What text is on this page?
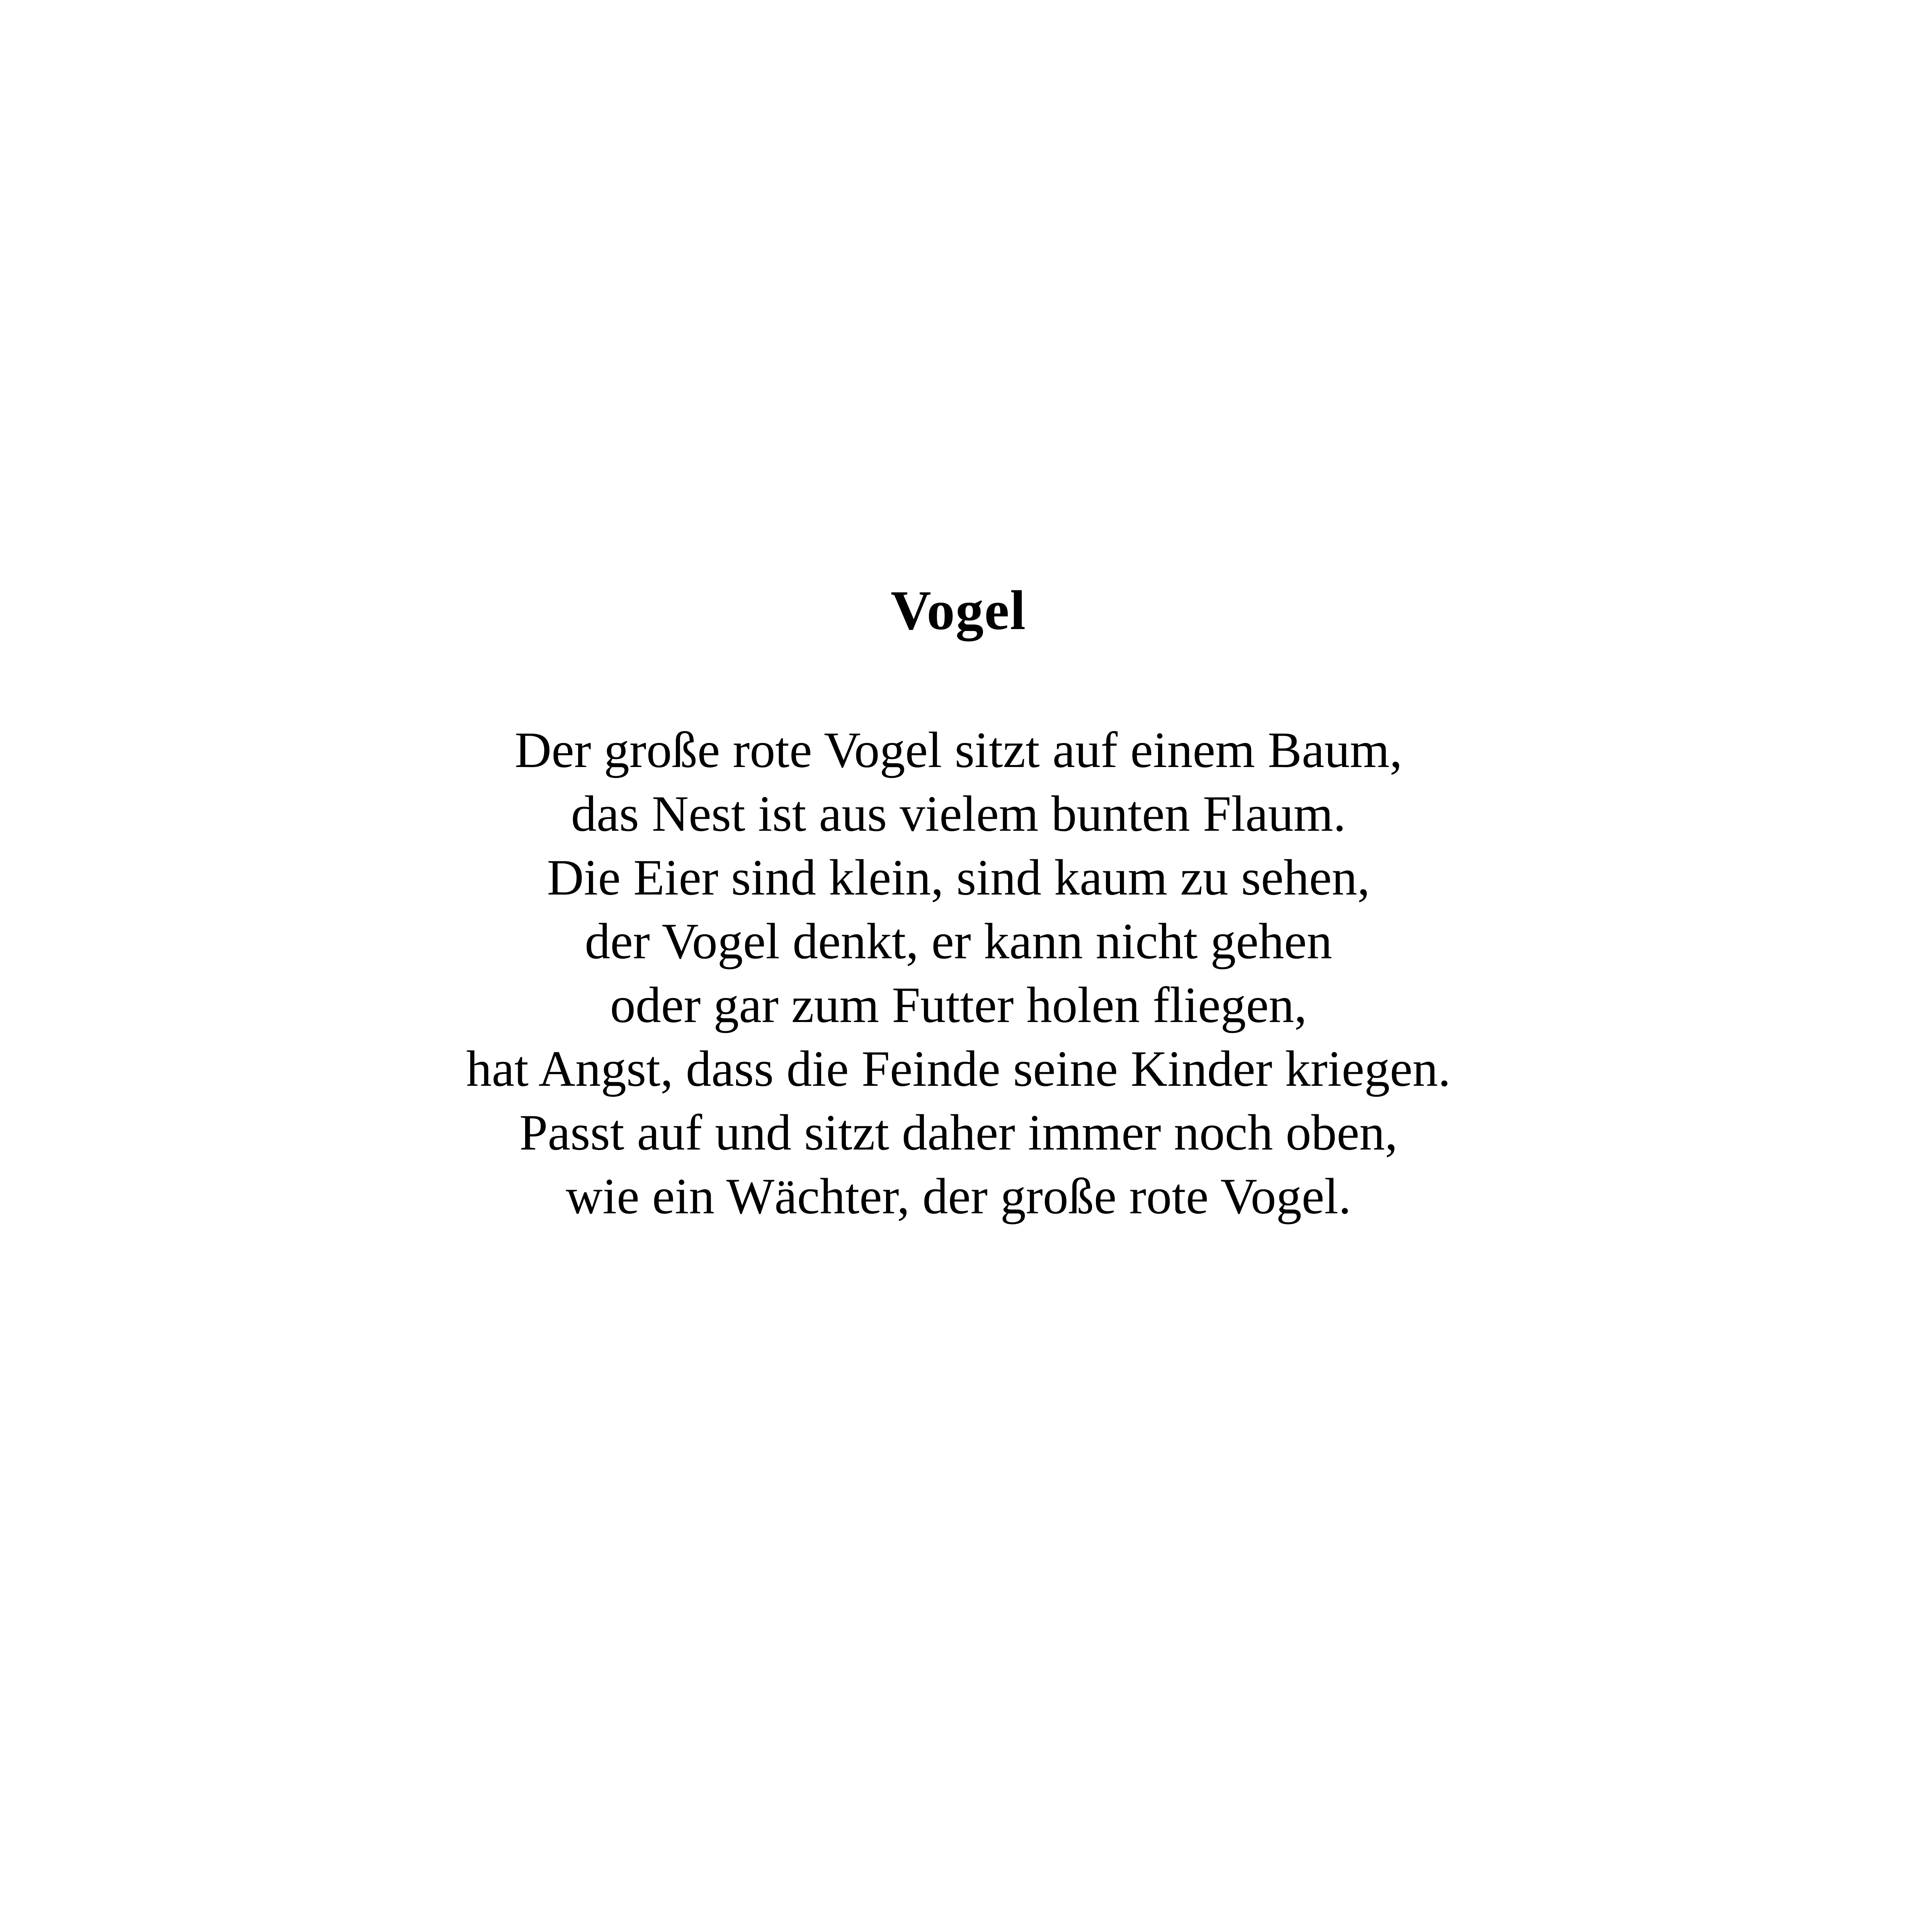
Vogel
Der große rote Vogel sitzt auf einem Baum,
das Nest ist aus vielem bunten Flaum.
Die Eier sind klein, sind kaum zu sehen,
der Vogel denkt, er kann nicht gehen
oder gar zum Futter holen fliegen,
hat Angst, dass die Feinde seine Kinder kriegen.
Passt auf und sitzt daher immer noch oben,
wie ein Wächter, der große rote Vogel.
